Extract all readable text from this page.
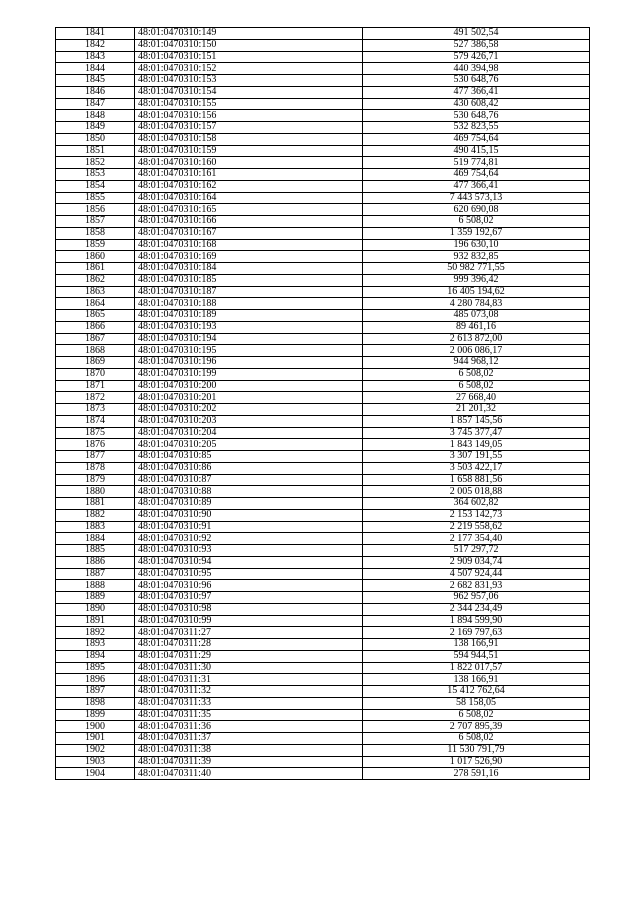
1841	48:01:0470310:149	491 502,54
1842	48:01:0470310:150	527 386,58
1843	48:01:0470310:151	579 426,71
1844	48:01:0470310:152	440 394,98
1845	48:01:0470310:153	530 648,76
1846	48:01:0470310:154	477 366,41
1847	48:01:0470310:155	430 608,42
1848	48:01:0470310:156	530 648,76
1849	48:01:0470310:157	532 823,55
1850	48:01:0470310:158	469 754,64
1851	48:01:0470310:159	490 415,15
1852	48:01:0470310:160	519 774,81
1853	48:01:0470310:161	469 754,64
1854	48:01:0470310:162	477 366,41
1855	48:01:0470310:164	7 443 573,13
1856	48:01:0470310:165	620 690,08
1857	48:01:0470310:166	6 508,02
1858	48:01:0470310:167	1 359 192,67
1859	48:01:0470310:168	196 630,10
1860	48:01:0470310:169	932 832,85
1861	48:01:0470310:184	50 982 771,55
1862	48:01:0470310:185	999 396,42
1863	48:01:0470310:187	16 405 194,62
1864	48:01:0470310:188	4 280 784,83
1865	48:01:0470310:189	485 073,08
1866	48:01:0470310:193	89 461,16
1867	48:01:0470310:194	2 613 872,00
1868	48:01:0470310:195	2 006 086,17
1869	48:01:0470310:196	944 968,12
1870	48:01:0470310:199	6 508,02
1871	48:01:0470310:200	6 508,02
1872	48:01:0470310:201	27 668,40
1873	48:01:0470310:202	21 201,32
1874	48:01:0470310:203	1 857 145,56
1875	48:01:0470310:204	3 745 377,47
1876	48:01:0470310:205	1 843 149,05
1877	48:01:0470310:85	3 307 191,55
1878	48:01:0470310:86	3 503 422,17
1879	48:01:0470310:87	1 658 881,56
1880	48:01:0470310:88	2 005 018,88
1881	48:01:0470310:89	364 602,82
1882	48:01:0470310:90	2 153 142,73
1883	48:01:0470310:91	2 219 558,62
1884	48:01:0470310:92	2 177 354,40
1885	48:01:0470310:93	517 297,72
1886	48:01:0470310:94	2 909 034,74
1887	48:01:0470310:95	4 507 924,44
1888	48:01:0470310:96	2 682 831,93
1889	48:01:0470310:97	962 957,06
1890	48:01:0470310:98	2 344 234,49
1891	48:01:0470310:99	1 894 599,90
1892	48:01:0470311:27	2 169 797,63
1893	48:01:0470311:28	138 166,91
1894	48:01:0470311:29	594 944,51
1895	48:01:0470311:30	1 822 017,57
1896	48:01:0470311:31	138 166,91
1897	48:01:0470311:32	15 412 762,64
1898	48:01:0470311:33	58 158,05
1899	48:01:0470311:35	6 508,02
1900	48:01:0470311:36	2 707 895,39
1901	48:01:0470311:37	6 508,02
1902	48:01:0470311:38	11 530 791,79
1903	48:01:0470311:39	1 017 526,90
1904	48:01:0470311:40	278 591,16
